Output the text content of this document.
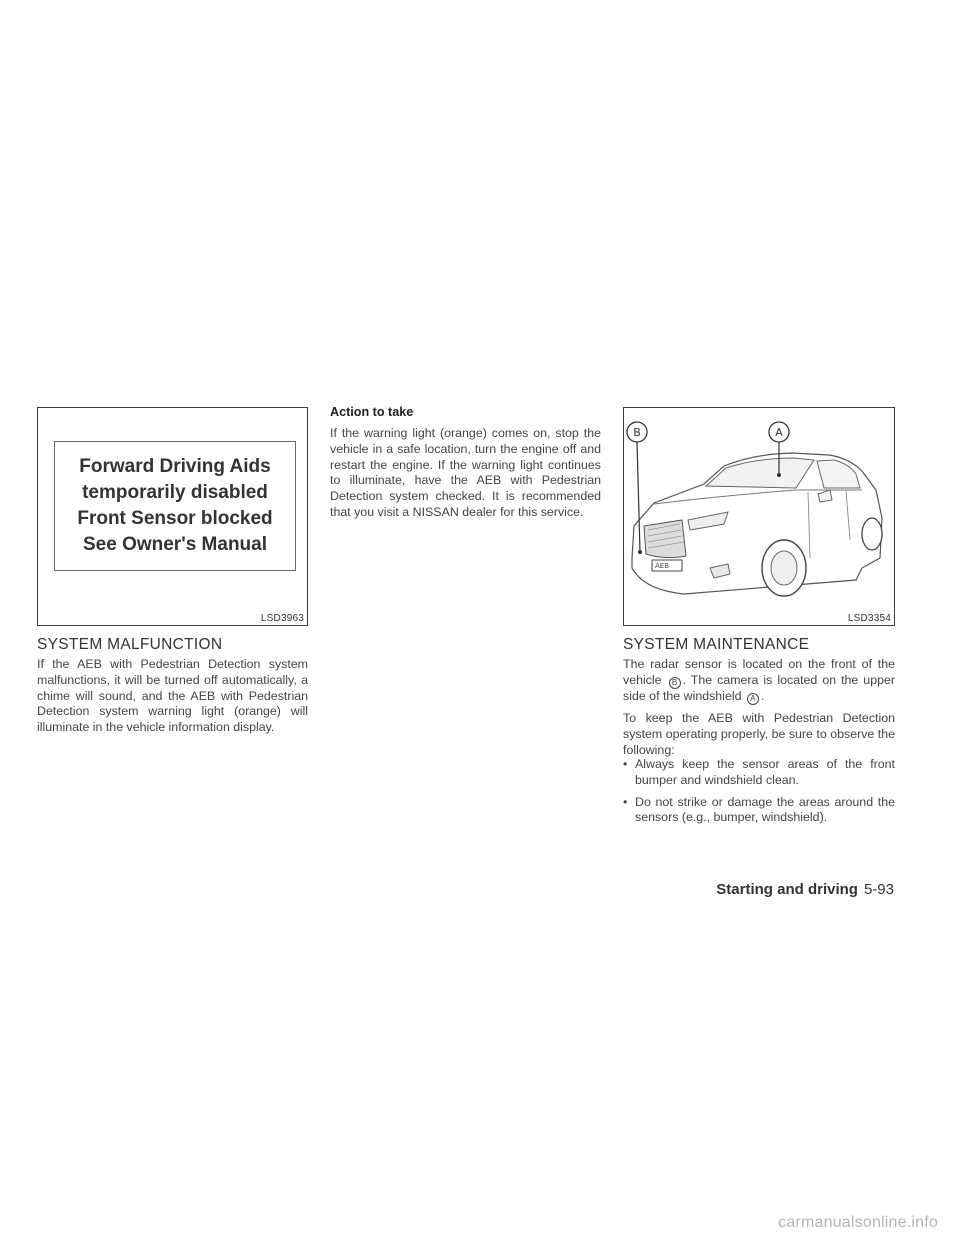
Forward Driving Aids
temporarily disabled
Front Sensor blocked
See Owner's Manual
LSD3963
SYSTEM MALFUNCTION

If the AEB with Pedestrian Detection system malfunctions, it will be turned off automatically, a chime will sound, and the AEB with Pedestrian Detection system warning light (orange) will illuminate in the vehicle information display.

Action to take

If the warning light (orange) comes on, stop the vehicle in a safe location, turn the engine off and restart the engine. If the warning light continues to illuminate, have the AEB with Pedestrian Detection system checked. It is recommended that you visit a NISSAN dealer for this service.

AEB
B	A
LSD3354
SYSTEM MAINTENANCE

The radar sensor is located on the front of the vehicle B . The camera is located on the upper side of the windshield A .

To keep the AEB with Pedestrian Detection system operating properly, be sure to observe the following:

• Always keep the sensor areas of the front bumper and windshield clean.
• Do not strike or damage the areas around the sensors (e.g., bumper, windshield).
Starting and driving 5-93
carmanualsonline.info
